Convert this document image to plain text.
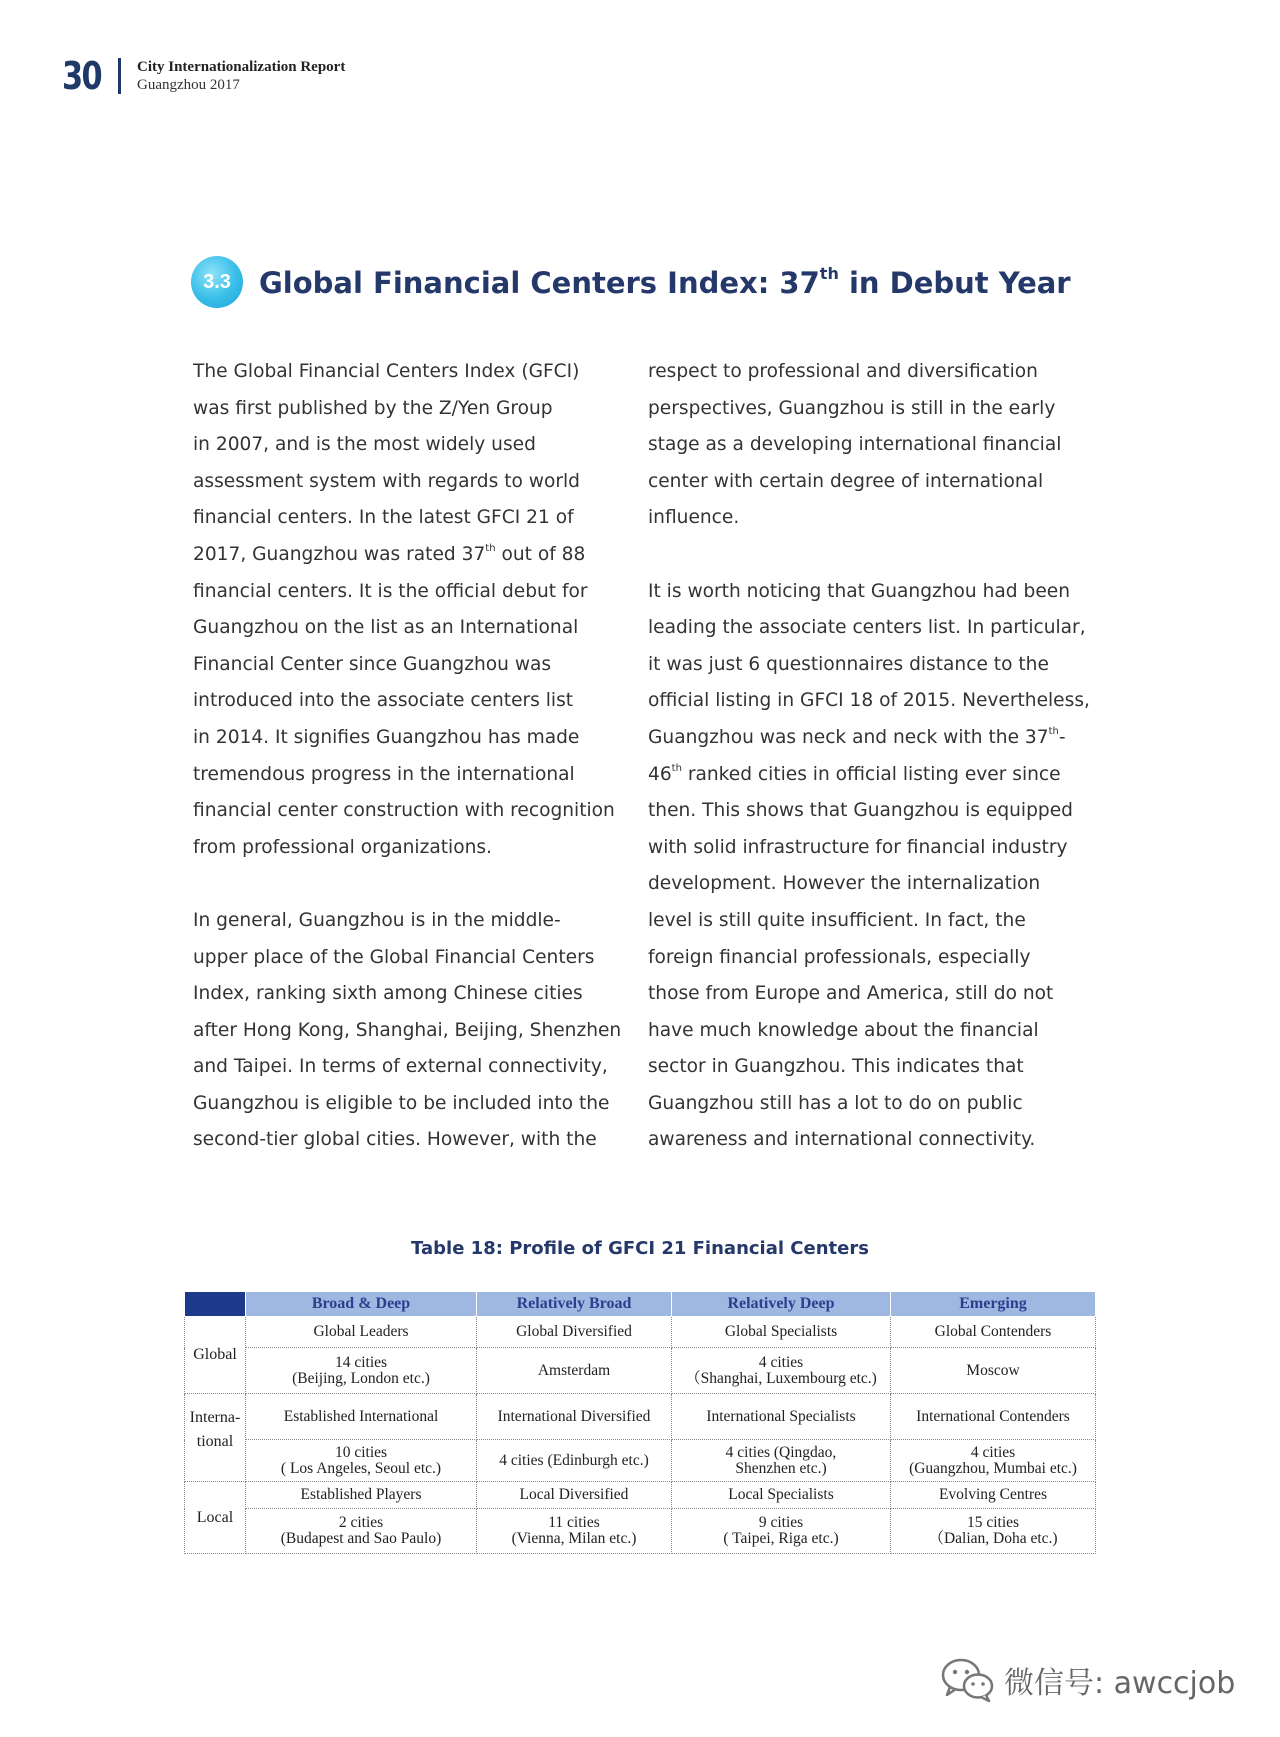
30 City Internationalization Report
Guangzhou 2017
3.3 Global Financial Centers Index: 37th in Debut Year

The Global Financial Centers Index (GFCI)
was first published by the Z/Yen Group
in 2007, and is the most widely used
assessment system with regards to world
financial centers. In the latest GFCI 21 of
2017, Guangzhou was rated 37th out of 88
financial centers. It is the official debut for
Guangzhou on the list as an International
Financial Center since Guangzhou was
introduced into the associate centers list
in 2014. It signifies Guangzhou has made
tremendous progress in the international
financial center construction with recognition
from professional organizations.

In general, Guangzhou is in the middle-
upper place of the Global Financial Centers
Index, ranking sixth among Chinese cities
after Hong Kong, Shanghai, Beijing, Shenzhen
and Taipei. In terms of external connectivity,
Guangzhou is eligible to be included into the
second-tier global cities. However, with the

respect to professional and diversification
perspectives, Guangzhou is still in the early
stage as a developing international financial
center with certain degree of international
influence.

It is worth noticing that Guangzhou had been
leading the associate centers list. In particular,
it was just 6 questionnaires distance to the
official listing in GFCI 18 of 2015. Nevertheless,
Guangzhou was neck and neck with the 37th-
46th ranked cities in official listing ever since
then. This shows that Guangzhou is equipped
with solid infrastructure for financial industry
development. However the internalization
level is still quite insufficient. In fact, the
foreign financial professionals, especially
those from Europe and America, still do not
have much knowledge about the financial
sector in Guangzhou. This indicates that
Guangzhou still has a lot to do on public
awareness and international connectivity.

Table 18: Profile of GFCI 21 Financial Centers
	Broad & Deep	Relatively Broad	Relatively Deep	Emerging
Global	Global Leaders	Global Diversified	Global Specialists	Global Contenders

	14 cities
(Beijing, London etc.)	Amsterdam	4 cities
（Shanghai, Luxembourg etc.)	Moscow

Interna-
tional	Established International	International Diversified	International Specialists	International Contenders

	10 cities
( Los Angeles, Seoul etc.)	4 cities (Edinburgh etc.)	4 cities (Qingdao,
Shenzhen etc.)	4 cities
(Guangzhou, Mumbai etc.)

Local	Established Players	Local Diversified	Local Specialists	Evolving Centres

	2 cities
(Budapest and Sao Paulo)	11 cities
(Vienna, Milan etc.)	9 cities
( Taipei, Riga etc.)	15 cities
（Dalian, Doha etc.)
微信号: awccjob
